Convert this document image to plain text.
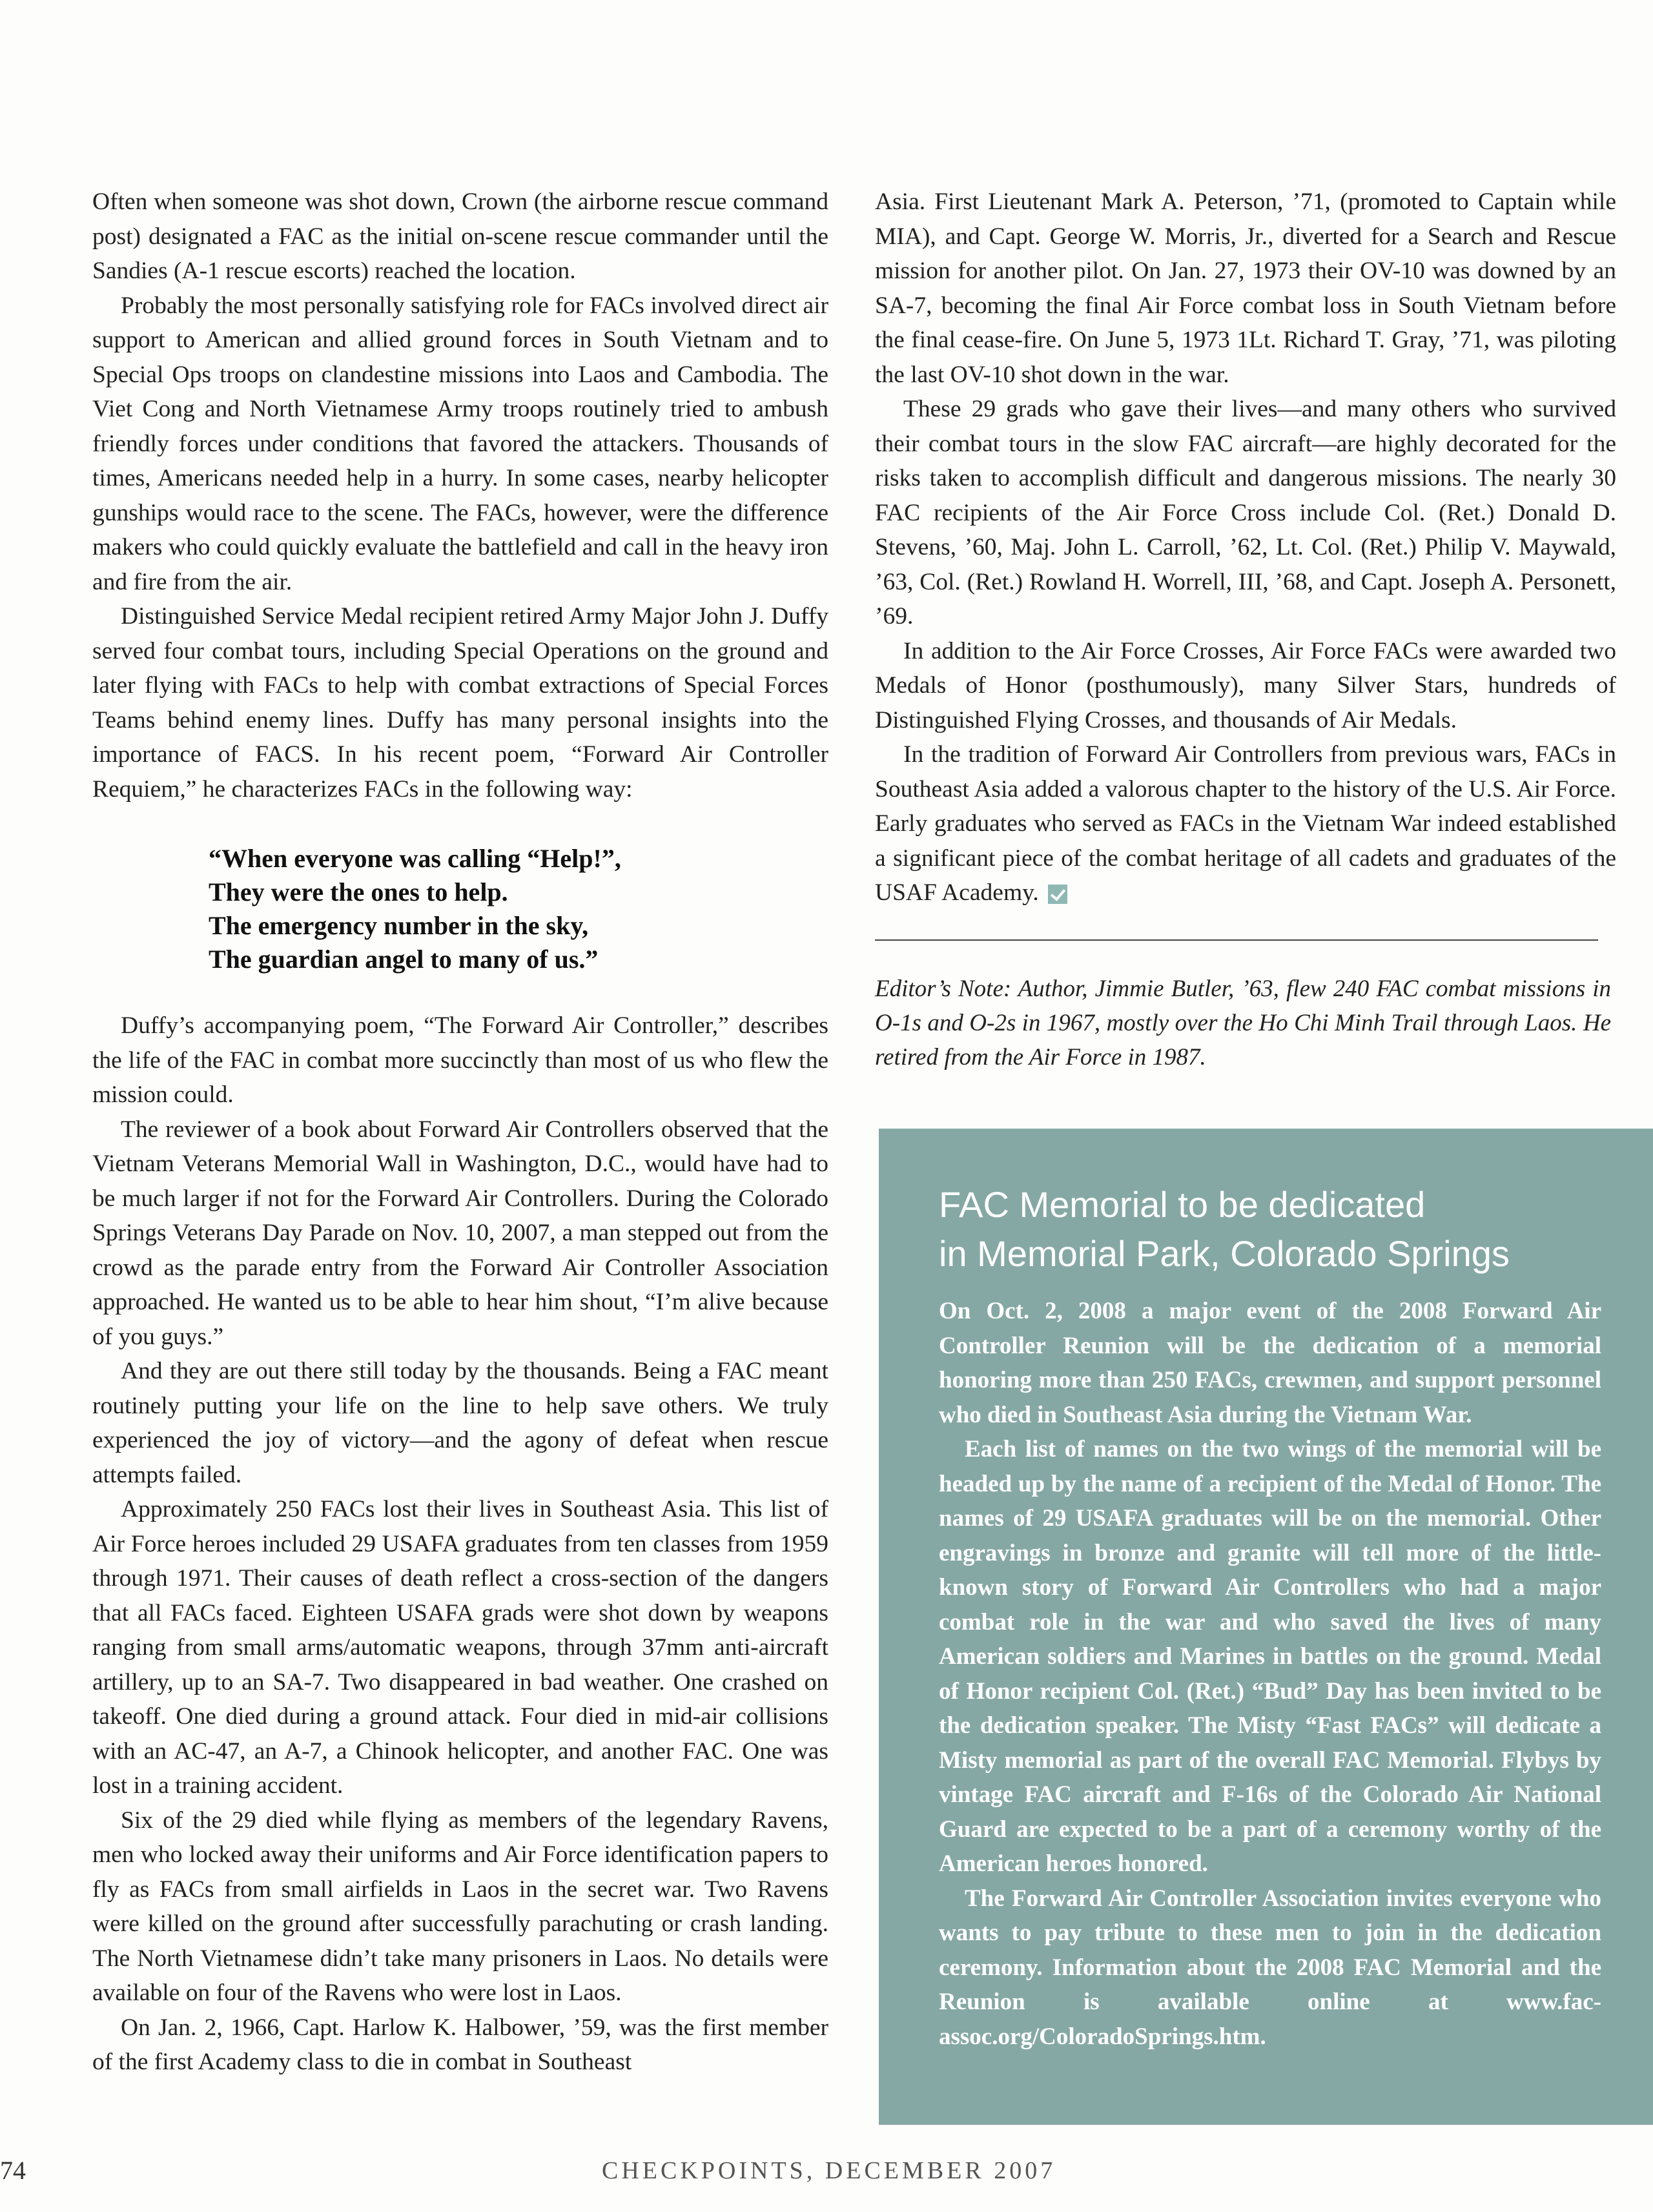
Often when someone was shot down, Crown (the airborne rescue command post) designated a FAC as the initial on-scene rescue commander until the Sandies (A-1 rescue escorts) reached the location.

Probably the most personally satisfying role for FACs involved direct air support to American and allied ground forces in South Vietnam and to Special Ops troops on clandestine missions into Laos and Cambodia. The Viet Cong and North Vietnamese Army troops routinely tried to ambush friendly forces under conditions that favored the attackers. Thousands of times, Americans needed help in a hurry. In some cases, nearby helicopter gunships would race to the scene. The FACs, however, were the difference makers who could quickly evaluate the battlefield and call in the heavy iron and fire from the air.

Distinguished Service Medal recipient retired Army Major John J. Duffy served four combat tours, including Special Operations on the ground and later flying with FACs to help with combat extractions of Special Forces Teams behind enemy lines. Duffy has many personal insights into the importance of FACS. In his recent poem, “Forward Air Controller Requiem,” he characterizes FACs in the following way:

“When everyone was calling “Help!”,
They were the ones to help.
The emergency number in the sky,
The guardian angel to many of us.”

Duffy’s accompanying poem, “The Forward Air Controller,” describes the life of the FAC in combat more succinctly than most of us who flew the mission could.

The reviewer of a book about Forward Air Controllers observed that the Vietnam Veterans Memorial Wall in Washington, D.C., would have had to be much larger if not for the Forward Air Controllers. During the Colorado Springs Veterans Day Parade on Nov. 10, 2007, a man stepped out from the crowd as the parade entry from the Forward Air Controller Association approached. He wanted us to be able to hear him shout, “I’m alive because of you guys.”

And they are out there still today by the thousands. Being a FAC meant routinely putting your life on the line to help save others. We truly experienced the joy of victory—and the agony of defeat when rescue attempts failed.

Approximately 250 FACs lost their lives in Southeast Asia. This list of Air Force heroes included 29 USAFA graduates from ten classes from 1959 through 1971. Their causes of death reflect a cross-section of the dangers that all FACs faced. Eighteen USAFA grads were shot down by weapons ranging from small arms/automatic weapons, through 37mm anti-aircraft artillery, up to an SA-7. Two disappeared in bad weather. One crashed on takeoff. One died during a ground attack. Four died in mid-air collisions with an AC-47, an A-7, a Chinook helicopter, and another FAC. One was lost in a training accident.

Six of the 29 died while flying as members of the legendary Ravens, men who locked away their uniforms and Air Force identification papers to fly as FACs from small airfields in Laos in the secret war. Two Ravens were killed on the ground after successfully parachuting or crash landing. The North Vietnamese didn’t take many prisoners in Laos. No details were available on four of the Ravens who were lost in Laos.

On Jan. 2, 1966, Capt. Harlow K. Halbower, ’59, was the first member of the first Academy class to die in combat in Southeast

Asia. First Lieutenant Mark A. Peterson, ’71, (promoted to Captain while MIA), and Capt. George W. Morris, Jr., diverted for a Search and Rescue mission for another pilot. On Jan. 27, 1973 their OV-10 was downed by an SA-7, becoming the final Air Force combat loss in South Vietnam before the final cease-fire. On June 5, 1973 1Lt. Richard T. Gray, ’71, was piloting the last OV-10 shot down in the war.

These 29 grads who gave their lives—and many others who survived their combat tours in the slow FAC aircraft—are highly decorated for the risks taken to accomplish difficult and dangerous missions. The nearly 30 FAC recipients of the Air Force Cross include Col. (Ret.) Donald D. Stevens, ’60, Maj. John L. Carroll, ’62, Lt. Col. (Ret.) Philip V. Maywald, ’63, Col. (Ret.) Rowland H. Worrell, III, ’68, and Capt. Joseph A. Personett, ’69.

In addition to the Air Force Crosses, Air Force FACs were awarded two Medals of Honor (posthumously), many Silver Stars, hundreds of Distinguished Flying Crosses, and thousands of Air Medals.

In the tradition of Forward Air Controllers from previous wars, FACs in Southeast Asia added a valorous chapter to the history of the U.S. Air Force. Early graduates who served as FACs in the Vietnam War indeed established a significant piece of the combat heritage of all cadets and graduates of the USAF Academy.

Editor’s Note: Author, Jimmie Butler, ’63, flew 240 FAC combat missions in O-1s and O-2s in 1967, mostly over the Ho Chi Minh Trail through Laos. He retired from the Air Force in 1987.
FAC Memorial to be dedicated
in Memorial Park, Colorado Springs

On Oct. 2, 2008 a major event of the 2008 Forward Air Controller Reunion will be the dedication of a memorial honoring more than 250 FACs, crewmen, and support personnel who died in Southeast Asia during the Vietnam War.

Each list of names on the two wings of the memorial will be headed up by the name of a recipient of the Medal of Honor. The names of 29 USAFA graduates will be on the memorial. Other engravings in bronze and granite will tell more of the little-known story of Forward Air Controllers who had a major combat role in the war and who saved the lives of many American soldiers and Marines in battles on the ground. Medal of Honor recipient Col. (Ret.) “Bud” Day has been invited to be the dedication speaker. The Misty “Fast FACs” will dedicate a Misty memorial as part of the overall FAC Memorial. Flybys by vintage FAC aircraft and F-16s of the Colorado Air National Guard are expected to be a part of a ceremony worthy of the American heroes honored.

The Forward Air Controller Association invites everyone who wants to pay tribute to these men to join in the dedication ceremony. Information about the 2008 FAC Memorial and the Reunion is available online at www.fac-assoc.org/ColoradoSprings.htm.

74	CHECKPOINTS, DECEMBER 2007
